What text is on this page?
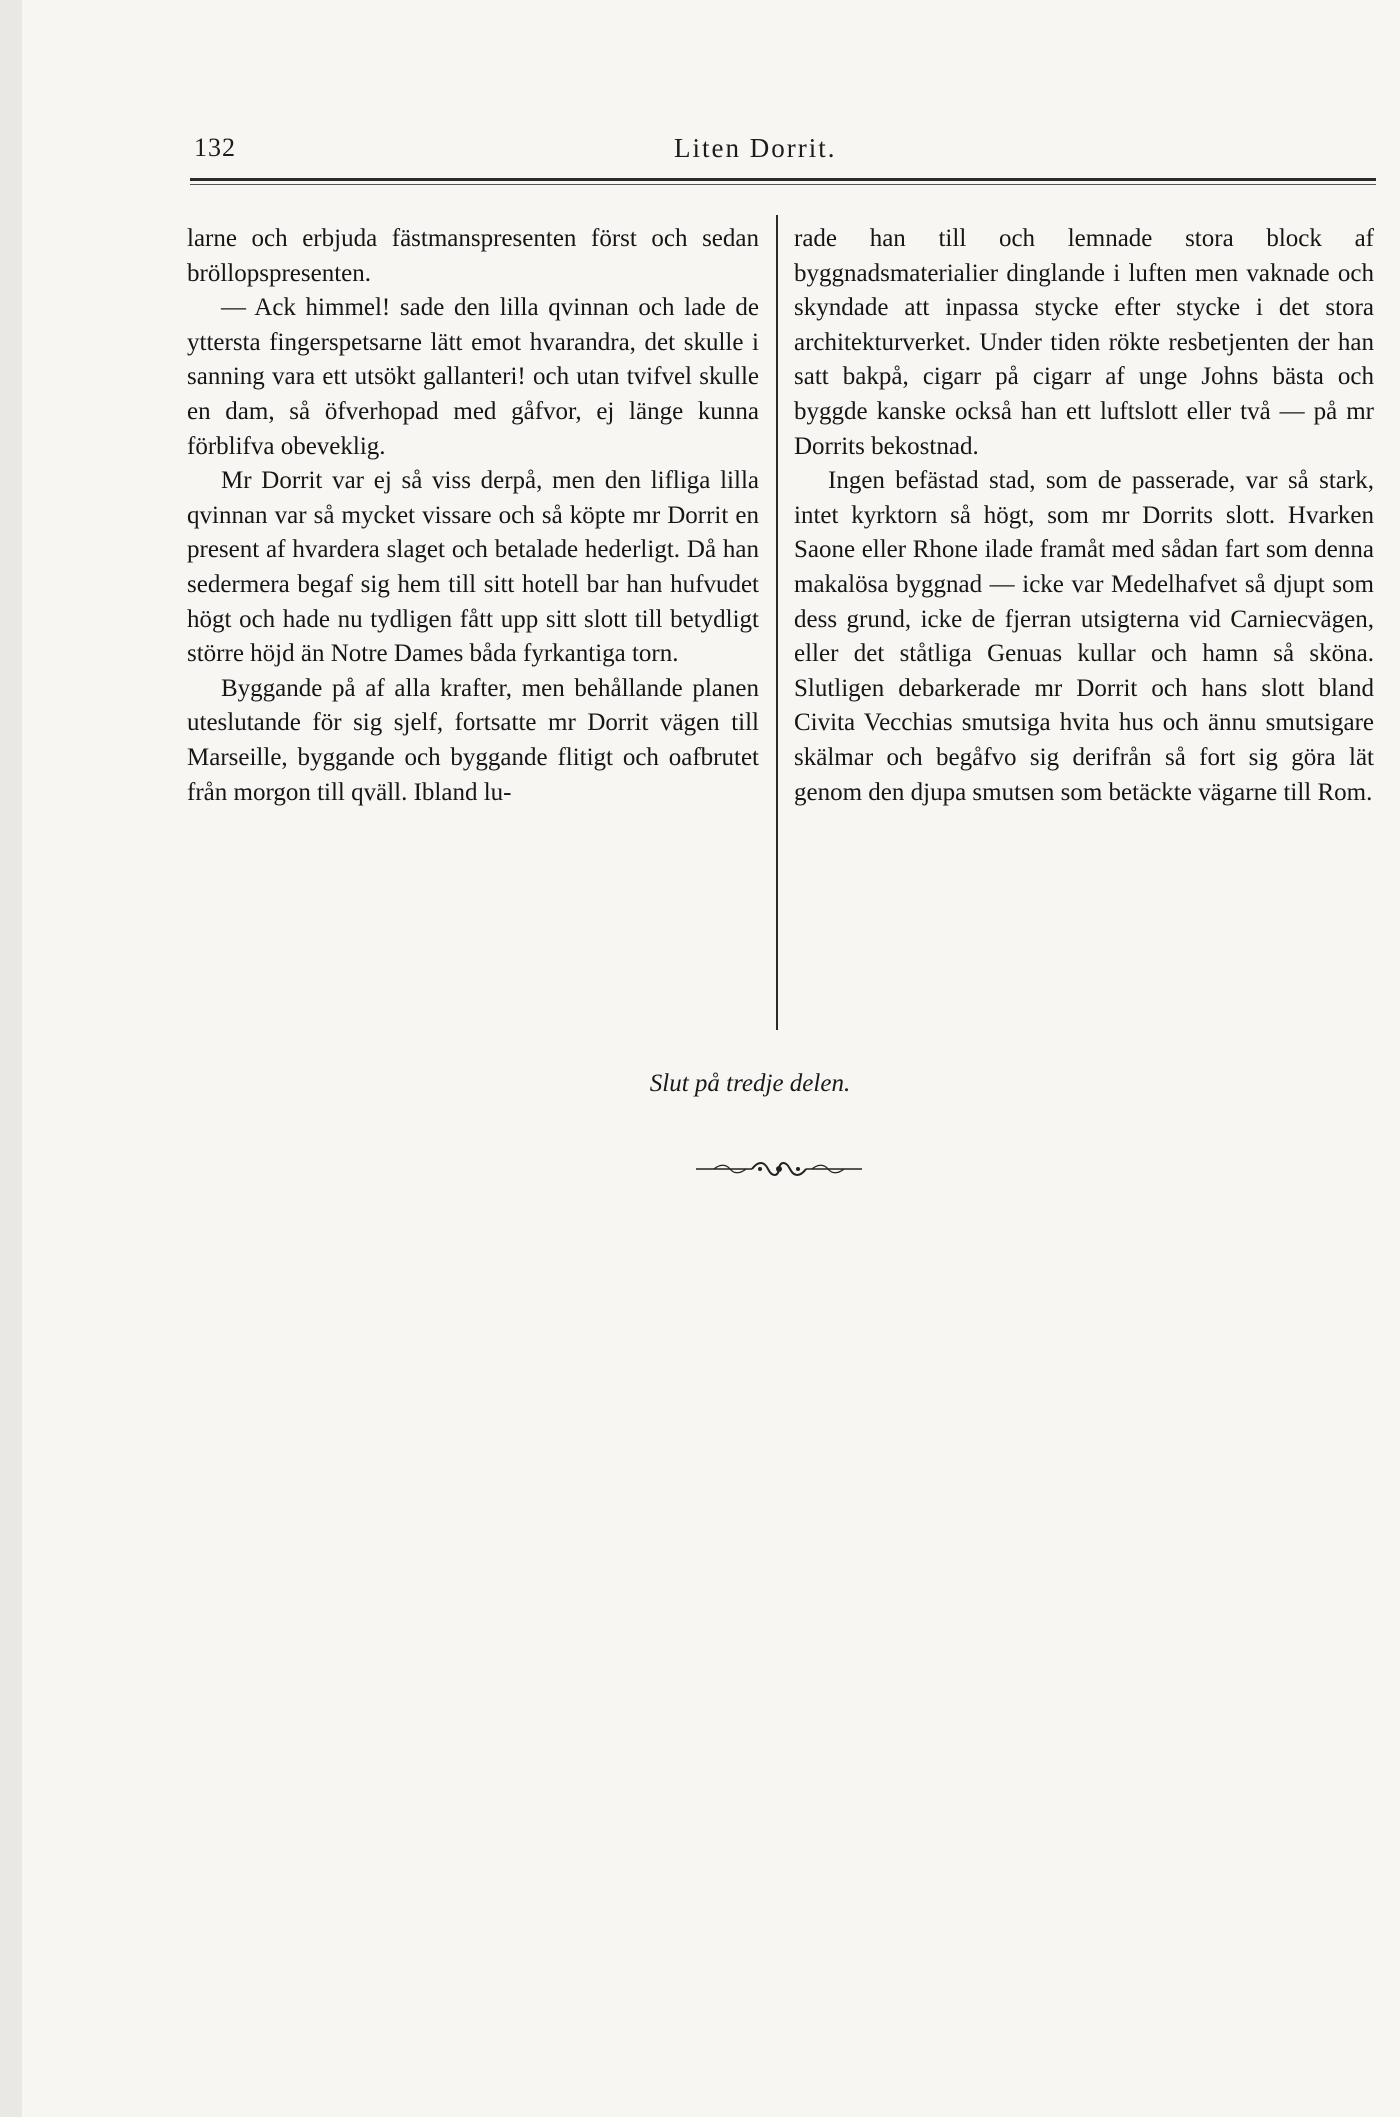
132	Liten Dorrit.

larne och erbjuda fästmanspresenten först och sedan bröllopspresenten.

— Ack himmel! sade den lilla qvinnan och lade de yttersta fingerspetsarne lätt emot hvarandra, det skulle i sanning vara ett utsökt gallanteri! och utan tvifvel skulle en dam, så öfverhopad med gåfvor, ej länge kunna förblifva obeveklig.

Mr Dorrit var ej så viss derpå, men den lifliga lilla qvinnan var så mycket vissare och så köpte mr Dorrit en present af hvardera slaget och betalade hederligt. Då han sedermera begaf sig hem till sitt hotell bar han hufvudet högt och hade nu tydligen fått upp sitt slott till betydligt större höjd än Notre Dames båda fyrkantiga torn.

Byggande på af alla krafter, men behållande planen uteslutande för sig sjelf, fortsatte mr Dorrit vägen till Marseille, byggande och byggande flitigt och oafbrutet från morgon till qväll. Ibland lu-

rade han till och lemnade stora block af byggnadsmaterialier dinglande i luften men vaknade och skyndade att inpassa stycke efter stycke i det stora architekturverket. Under tiden rökte resbetjenten der han satt bakpå, cigarr på cigarr af unge Johns bästa och byggde kanske också han ett luftslott eller två — på mr Dorrits bekostnad.

Ingen befästad stad, som de passerade, var så stark, intet kyrktorn så högt, som mr Dorrits slott. Hvarken Saone eller Rhone ilade framåt med sådan fart som denna makalösa byggnad — icke var Medelhafvet så djupt som dess grund, icke de fjerran utsigterna vid Carniecvägen, eller det ståtliga Genuas kullar och hamn så sköna. Slutligen debarkerade mr Dorrit och hans slott bland Civita Vecchias smutsiga hvita hus och ännu smutsigare skälmar och begåfvo sig derifrån så fort sig göra lät genom den djupa smutsen som betäckte vägarne till Rom.

Slut på tredje delen.
